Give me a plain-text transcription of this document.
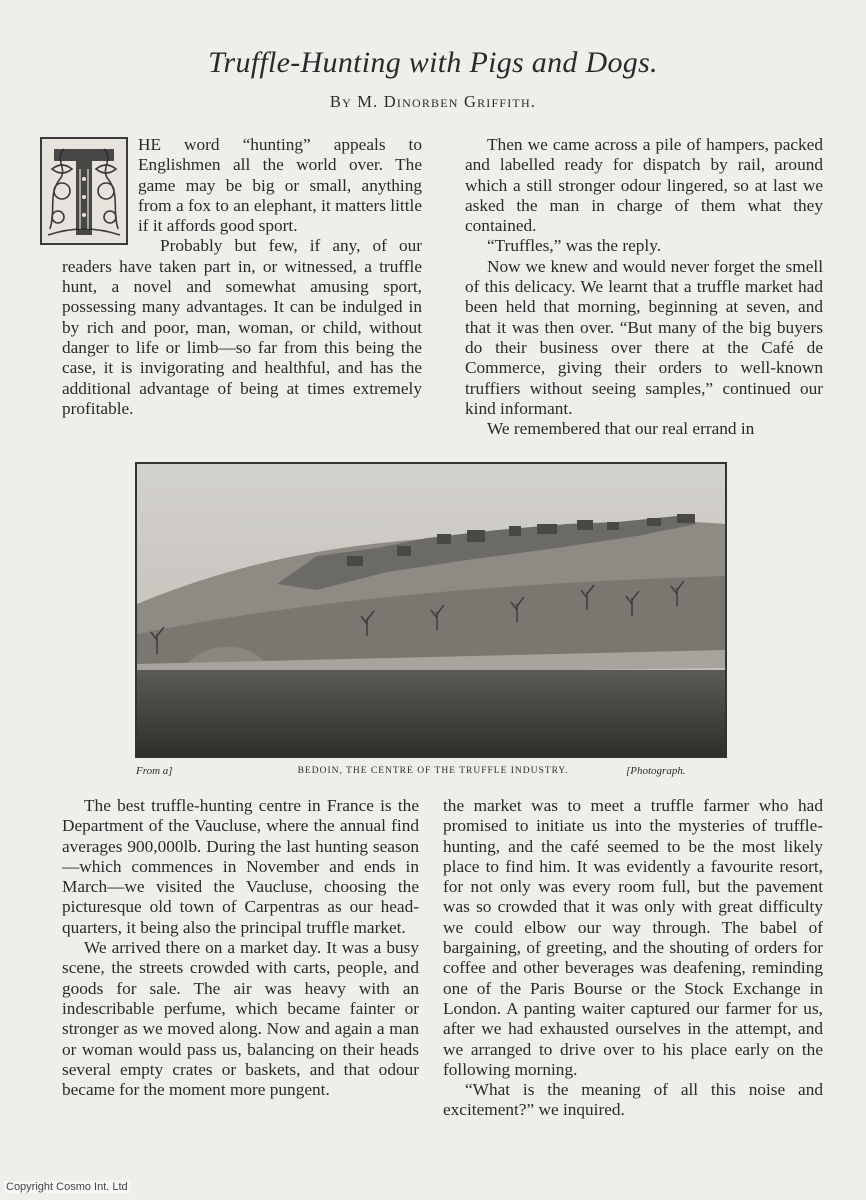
Truffle-Hunting with Pigs and Dogs.
By M. Dinorben Griffith.

HE word “hunting” appeals to Englishmen all the world over. The game may be big or small, anything from a fox to an elephant, it matters little if it affords good sport.

Probably but few, if any, of our readers have taken part in, or witnessed, a truffle hunt, a novel and somewhat amusing sport, possessing many advantages. It can be indulged in by rich and poor, man, woman, or child, without danger to life or limb—so far from this being the case, it is invigorating and healthful, and has the additional advantage of being at times extremely profitable.

Then we came across a pile of hampers, packed and labelled ready for dispatch by rail, around which a still stronger odour lingered, so at last we asked the man in charge of them what they contained.

“Truffles,” was the reply.

Now we knew and would never forget the smell of this delicacy. We learnt that a truffle market had been held that morning, beginning at seven, and that it was then over. “But many of the big buyers do their business over there at the Café de Commerce, giving their orders to well-known truffiers without seeing samples,” continued our kind informant.

We remembered that our real errand in

From a]	BEDOIN, THE CENTRE OF THE TRUFFLE INDUSTRY.	[Photograph.

The best truffle-hunting centre in France is the Department of the Vaucluse, where the annual find averages 900,000lb. During the last hunting season—which commences in November and ends in March—we visited the Vaucluse, choosing the picturesque old town of Carpentras as our head-quarters, it being also the principal truffle market.

We arrived there on a market day. It was a busy scene, the streets crowded with carts, people, and goods for sale. The air was heavy with an indescribable perfume, which became fainter or stronger as we moved along. Now and again a man or woman would pass us, balancing on their heads several empty crates or baskets, and that odour became for the moment more pungent.

the market was to meet a truffle farmer who had promised to initiate us into the mysteries of truffle-hunting, and the café seemed to be the most likely place to find him. It was evidently a favourite resort, for not only was every room full, but the pavement was so crowded that it was only with great difficulty we could elbow our way through. The babel of bargaining, of greeting, and the shouting of orders for coffee and other beverages was deafening, reminding one of the Paris Bourse or the Stock Exchange in London. A panting waiter captured our farmer for us, after we had exhausted ourselves in the attempt, and we arranged to drive over to his place early on the following morning.

“What is the meaning of all this noise and excitement?” we inquired.

Copyright Cosmo Int. Ltd
